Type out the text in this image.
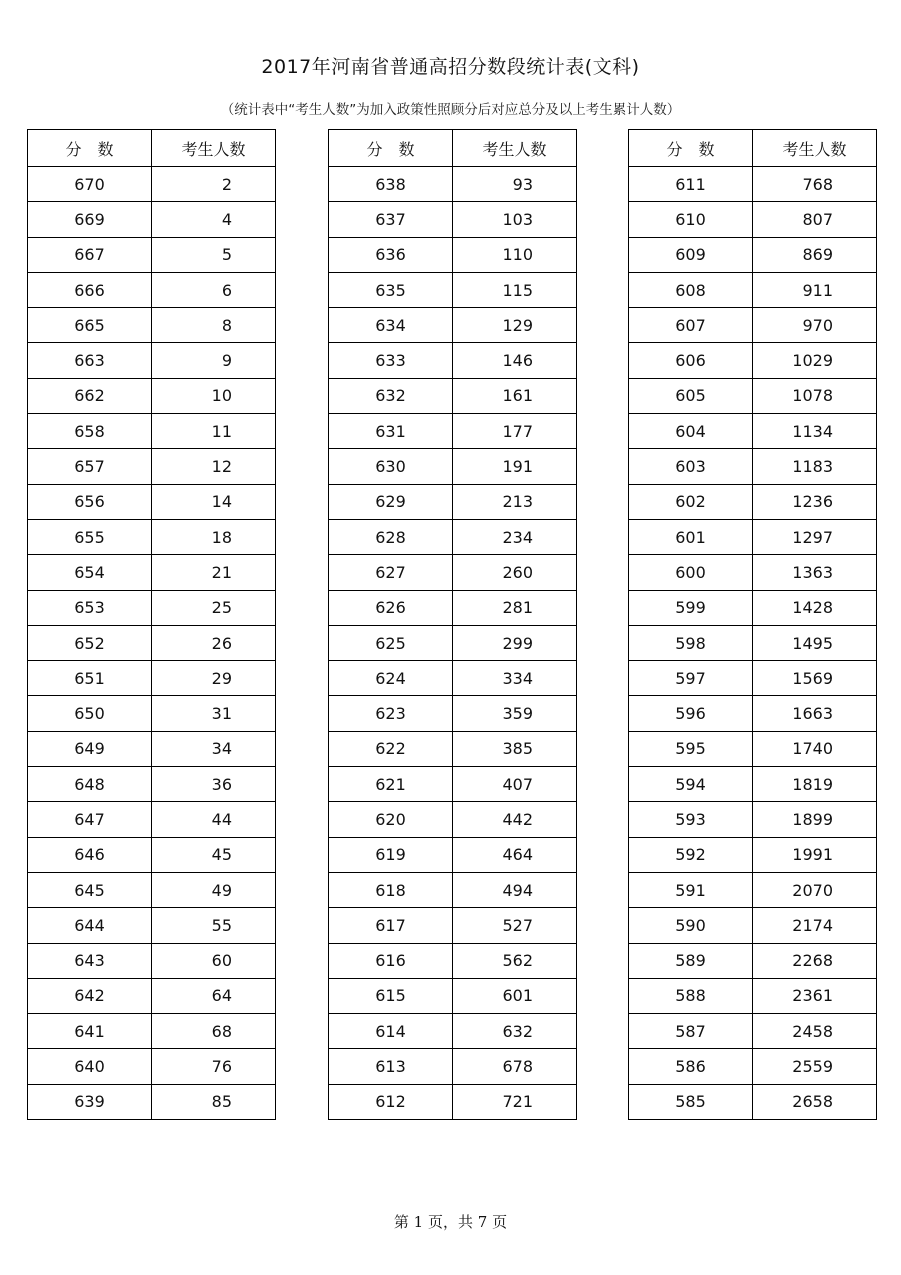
2017年河南省普通高招分数段统计表(文科)
（统计表中“考生人数”为加入政策性照顾分后对应总分及以上考生累计人数）
分　数	考生人数
670	2
669	4
667	5
666	6
665	8
663	9
662	10
658	11
657	12
656	14
655	18
654	21
653	25
652	26
651	29
650	31
649	34
648	36
647	44
646	45
645	49
644	55
643	60
642	64
641	68
640	76
639	85
分　数	考生人数
638	93
637	103
636	110
635	115
634	129
633	146
632	161
631	177
630	191
629	213
628	234
627	260
626	281
625	299
624	334
623	359
622	385
621	407
620	442
619	464
618	494
617	527
616	562
615	601
614	632
613	678
612	721
分　数	考生人数
611	768
610	807
609	869
608	911
607	970
606	1029
605	1078
604	1134
603	1183
602	1236
601	1297
600	1363
599	1428
598	1495
597	1569
596	1663
595	1740
594	1819
593	1899
592	1991
591	2070
590	2174
589	2268
588	2361
587	2458
586	2559
585	2658
第 1 页，共 7 页
